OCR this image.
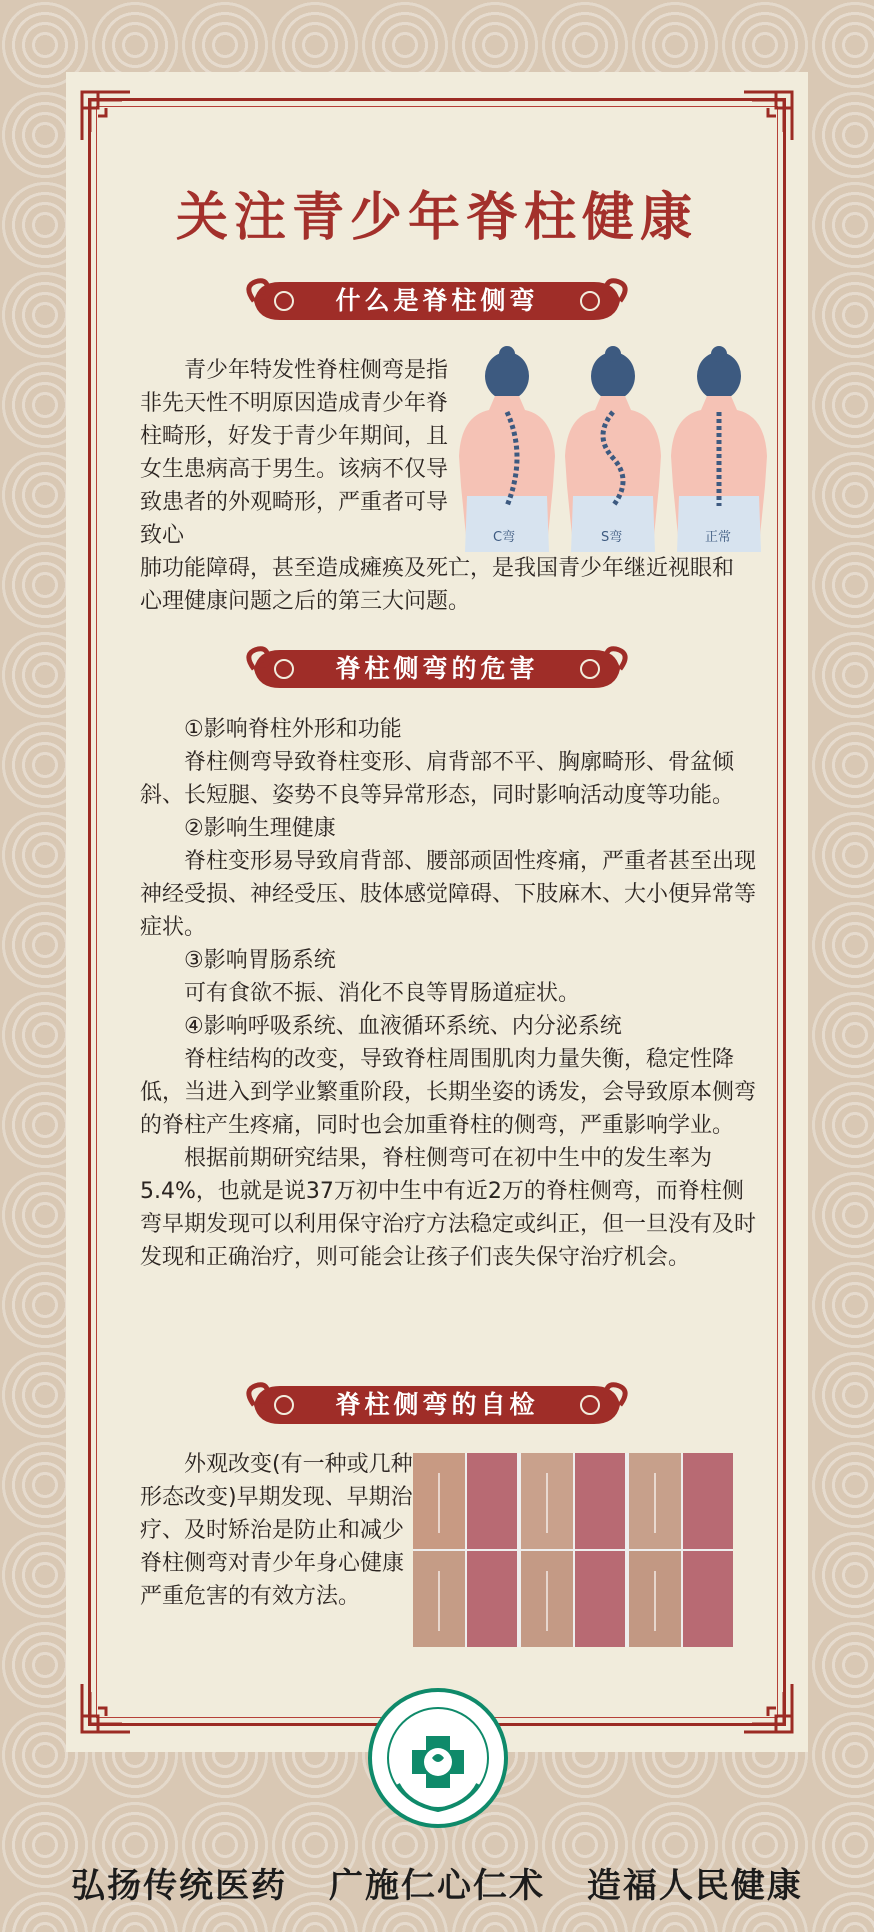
关注青少年脊柱健康
什么是脊柱侧弯

青少年特发性脊柱侧弯是指非先天性不明原因造成青少年脊柱畸形，好发于青少年期间，且女生患病高于男生。该病不仅导致患者的外观畸形，严重者可导致心	C弯	S弯	正常

肺功能障碍，甚至造成瘫痪及死亡，是我国青少年继近视眼和心理健康问题之后的第三大问题。

脊柱侧弯的危害

①影响脊柱外形和功能

脊柱侧弯导致脊柱变形、肩背部不平、胸廓畸形、骨盆倾斜、长短腿、姿势不良等异常形态，同时影响活动度等功能。

②影响生理健康

脊柱变形易导致肩背部、腰部顽固性疼痛，严重者甚至出现神经受损、神经受压、肢体感觉障碍、下肢麻木、大小便异常等症状。

③影响胃肠系统

可有食欲不振、消化不良等胃肠道症状。

④影响呼吸系统、血液循环系统、内分泌系统

脊柱结构的改变，导致脊柱周围肌肉力量失衡，稳定性降低，当进入到学业繁重阶段，长期坐姿的诱发，会导致原本侧弯的脊柱产生疼痛，同时也会加重脊柱的侧弯，严重影响学业。

根据前期研究结果，脊柱侧弯可在初中生中的发生率为5.4%，也就是说37万初中生中有近2万的脊柱侧弯，而脊柱侧弯早期发现可以利用保守治疗方法稳定或纠正，但一旦没有及时发现和正确治疗，则可能会让孩子们丧失保守治疗机会。

脊柱侧弯的自检

外观改变(有一种或几种形态改变)早期发现、早期治疗、及时矫治是防止和减少脊柱侧弯对青少年身心健康严重危害的有效方法。

弘扬传统医药 广施仁心仁术 造福人民健康
